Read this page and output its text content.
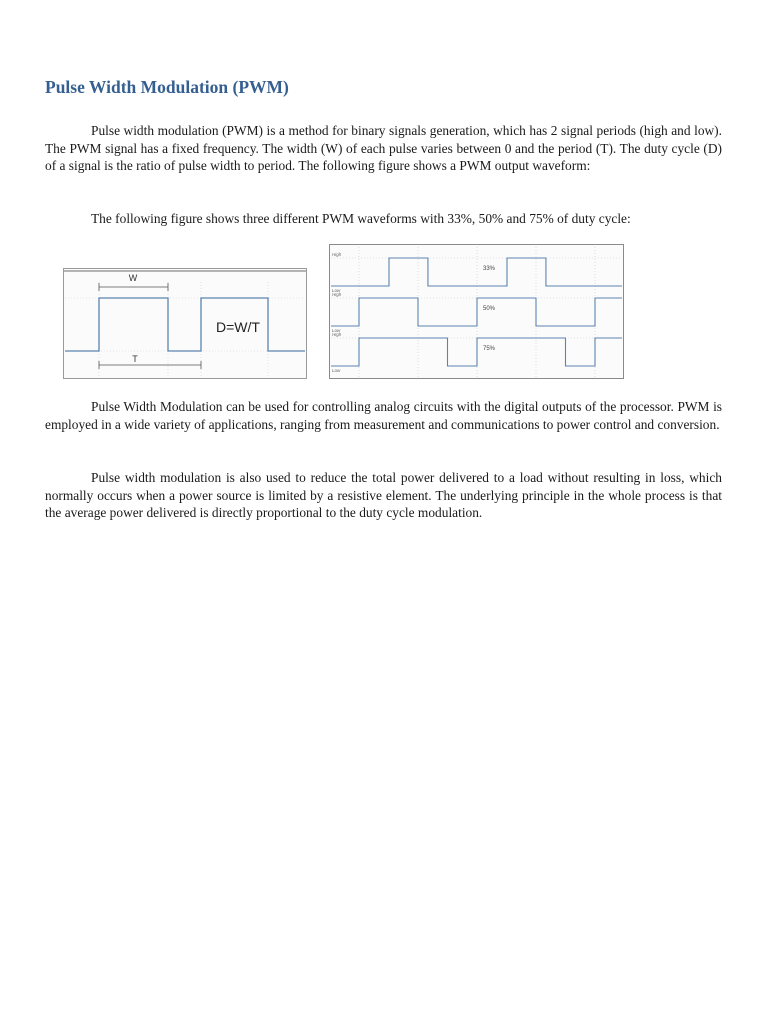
Pulse Width Modulation (PWM)

Pulse width modulation (PWM) is a method for binary signals generation, which has 2 signal periods (high and low). The PWM signal has a fixed frequency. The width (W) of each pulse varies between 0 and the period (T). The duty cycle (D) of a signal is the ratio of pulse width to period. The following figure shows a PWM output waveform:

The following figure shows three different PWM waveforms with 33%, 50% and 75% of duty cycle:

Pulse Width Modulation can be used for controlling analog circuits with the digital outputs of the processor. PWM is employed in a wide variety of applications, ranging from measurement and communications to power control and conversion.

Pulse width modulation is also used to reduce the total power delivered to a load without resulting in loss, which normally occurs when a power source is limited by a resistive element. The underlying principle in the whole process is that the average power delivered is directly proportional to the duty cycle modulation.

W
T
D=W/T
High
Low
33%
High
Low
50%
High
Low
75%
